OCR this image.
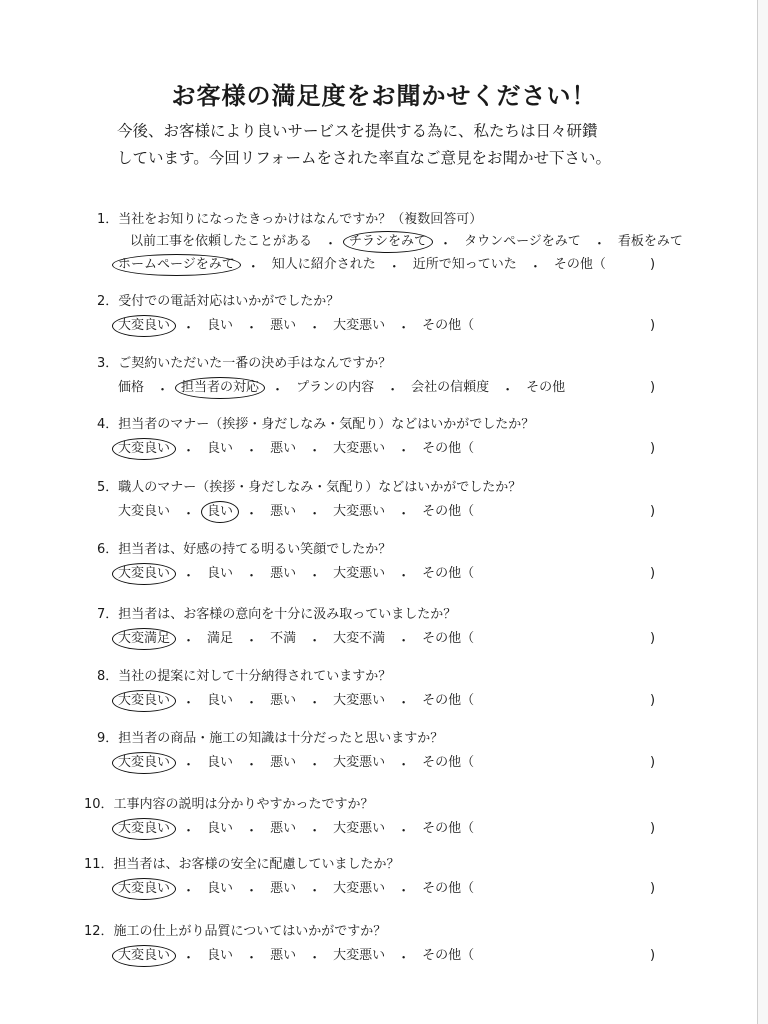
お客様の満足度をお聞かせください！
今後、お客様により良いサービスを提供する為に、私たちは日々研鑽
しています。今回リフォームをされた率直なご意見をお聞かせ下さい。
1．当社をお知りになったきっかけはなんですか？（複数回答可）
以前工事を依頼したことがある ・ チラシをみて ・ タウンページをみて ・ 看板をみて
ホームページをみて ・ 知人に紹介された ・ 近所で知っていた ・ その他（	)
2．受付での電話対応はいかがでしたか？
大変良い ・ 良い ・ 悪い ・ 大変悪い ・ その他（	)
3．ご契約いただいた一番の決め手はなんですか？
価格 ・ 担当者の対応 ・ プランの内容 ・ 会社の信頼度 ・ その他	)
4．担当者のマナー（挨拶・身だしなみ・気配り）などはいかがでしたか？
大変良い ・ 良い ・ 悪い ・ 大変悪い ・ その他（	)
5．職人のマナー（挨拶・身だしなみ・気配り）などはいかがでしたか？
大変良い ・ 良い ・ 悪い ・ 大変悪い ・ その他（	)
6．担当者は、好感の持てる明るい笑顔でしたか？
大変良い ・ 良い ・ 悪い ・ 大変悪い ・ その他（	)
7．担当者は、お客様の意向を十分に汲み取っていましたか？
大変満足 ・ 満足 ・ 不満 ・ 大変不満 ・ その他（	)
8．当社の提案に対して十分納得されていますか？
大変良い ・ 良い ・ 悪い ・ 大変悪い ・ その他（	)
9．担当者の商品・施工の知識は十分だったと思いますか？
大変良い ・ 良い ・ 悪い ・ 大変悪い ・ その他（	)
10．工事内容の説明は分かりやすかったですか？
大変良い ・ 良い ・ 悪い ・ 大変悪い ・ その他（	)
11．担当者は、お客様の安全に配慮していましたか？
大変良い ・ 良い ・ 悪い ・ 大変悪い ・ その他（	)
12．施工の仕上がり品質についてはいかがですか？
大変良い ・ 良い ・ 悪い ・ 大変悪い ・ その他（	)
